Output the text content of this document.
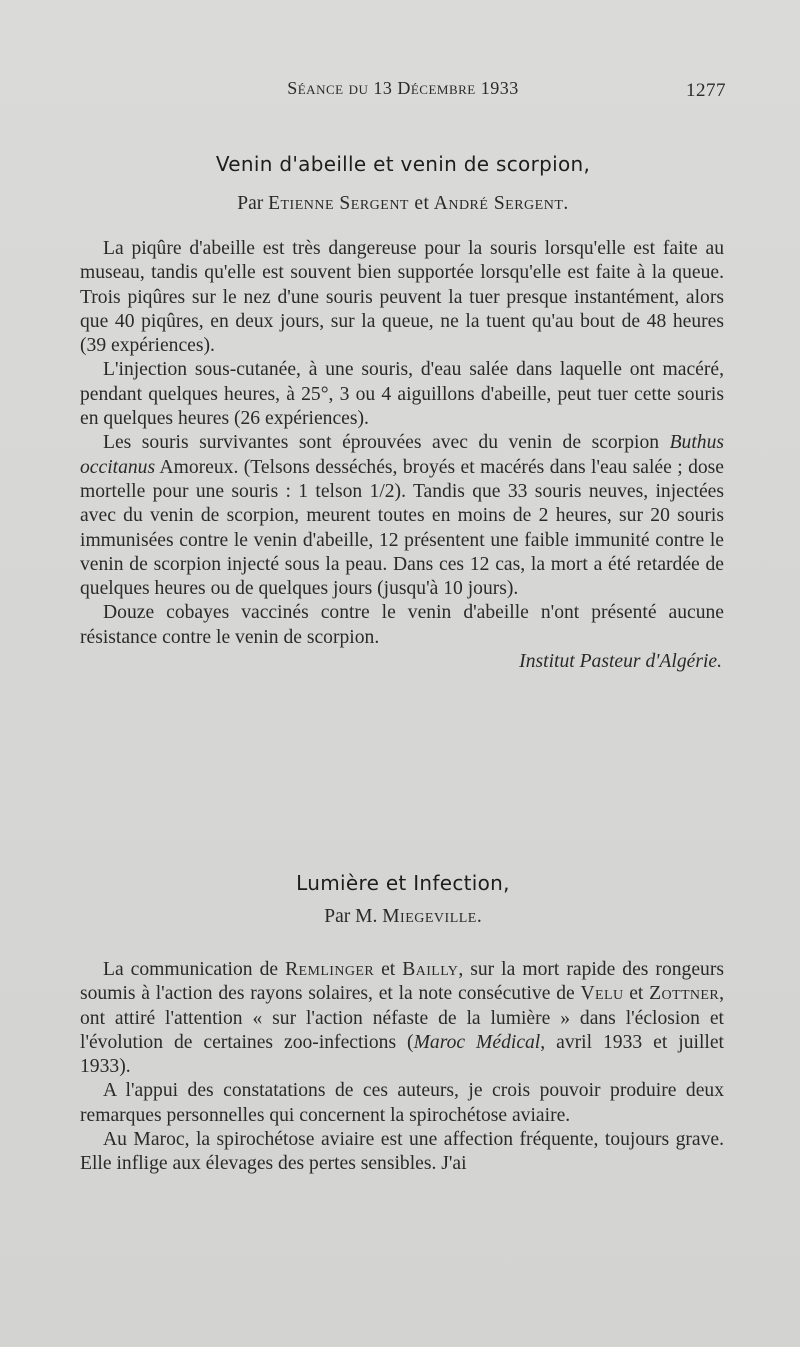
Séance du 13 Décembre 1933	1277
Venin d'abeille et venin de scorpion,
Par Etienne Sergent et André Sergent.

La piqûre d'abeille est très dangereuse pour la souris lorsqu'elle est faite au museau, tandis qu'elle est souvent bien supportée lorsqu'elle est faite à la queue. Trois piqûres sur le nez d'une souris peuvent la tuer presque instantément, alors que 40 piqûres, en deux jours, sur la queue, ne la tuent qu'au bout de 48 heures (39 expériences).

L'injection sous-cutanée, à une souris, d'eau salée dans laquelle ont macéré, pendant quelques heures, à 25°, 3 ou 4 aiguillons d'abeille, peut tuer cette souris en quelques heures (26 expériences).

Les souris survivantes sont éprouvées avec du venin de scorpion Buthus occitanus Amoreux. (Telsons desséchés, broyés et macérés dans l'eau salée ; dose mortelle pour une souris : 1 telson 1/2). Tandis que 33 souris neuves, injectées avec du venin de scorpion, meurent toutes en moins de 2 heures, sur 20 souris immunisées contre le venin d'abeille, 12 présentent une faible immunité contre le venin de scorpion injecté sous la peau. Dans ces 12 cas, la mort a été retardée de quelques heures ou de quelques jours (jusqu'à 10 jours).

Douze cobayes vaccinés contre le venin d'abeille n'ont présenté aucune résistance contre le venin de scorpion.

Institut Pasteur d'Algérie.
Lumière et Infection,
Par M. Miegeville.

La communication de Remlinger et Bailly, sur la mort rapide des rongeurs soumis à l'action des rayons solaires, et la note consécutive de Velu et Zottner, ont attiré l'attention « sur l'action néfaste de la lumière » dans l'éclosion et l'évolution de certaines zoo-infections (Maroc Médical, avril 1933 et juillet 1933).

A l'appui des constatations de ces auteurs, je crois pouvoir produire deux remarques personnelles qui concernent la spirochétose aviaire.

Au Maroc, la spirochétose aviaire est une affection fréquente, toujours grave. Elle inflige aux élevages des pertes sensibles. J'ai
